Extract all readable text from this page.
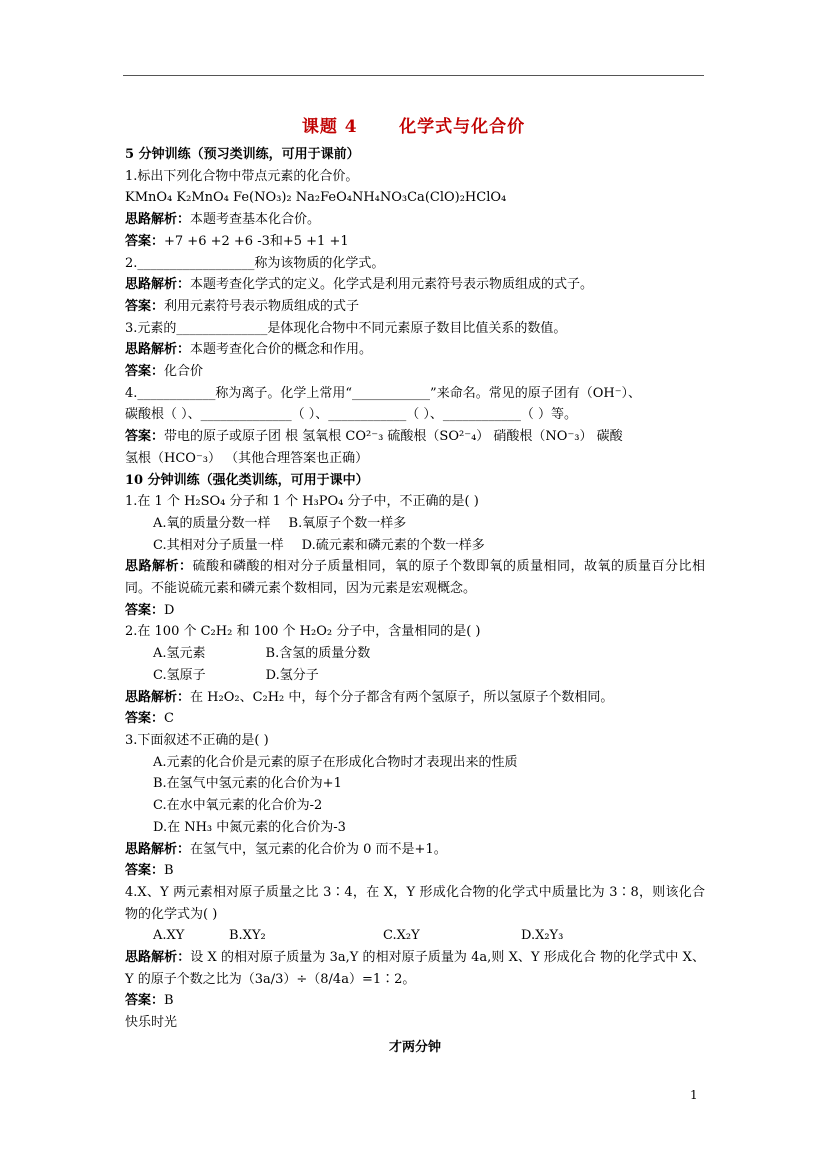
课题 4      化学式与化合价
5 分钟训练（预习类训练，可用于课前）
1.标出下列化合物中带点元素的化合价。
KMnO₄ K₂MnO₄ Fe(NO₃)₂ Na₂FeO₄NH₄NO₃Ca(ClO)₂HClO₄
思路解析：本题考查基本化合价。
答案：+7 +6 +2 +6 -3和+5 +1 +1
2.__________________称为该物质的化学式。
思路解析：本题考查化学式的定义。化学式是利用元素符号表示物质组成的式子。
答案：利用元素符号表示物质组成的式子
3.元素的______________是体现化合物中不同元素原子数目比值关系的数值。
思路解析：本题考查化合价的概念和作用。
答案：化合价
4.____________称为离子。化学上常用“____________”来命名。常见的原子团有（OH⁻）、
碳酸根（ ）、______________（ ）、____________（ ）、____________（ ）等。
答案：带电的原子或原子团 根 氢氧根 CO²⁻₃ 硫酸根（SO²⁻₄） 硝酸根（NO⁻₃） 碳酸
氢根（HCO⁻₃） （其他合理答案也正确）
10 分钟训练（强化类训练，可用于课中）
1.在 1 个 H₂SO₄ 分子和 1 个 H₃PO₄ 分子中，不正确的是( )
A.氧的质量分数一样 B.氧原子个数一样多
C.其相对分子质量一样 D.硫元素和磷元素的个数一样多
思路解析：硫酸和磷酸的相对分子质量相同，氧的原子个数即氧的质量相同，故氧的质量百分比相同。不能说硫元素和磷元素个数相同，因为元素是宏观概念。
答案：D
2.在 100 个 C₂H₂ 和 100 个 H₂O₂ 分子中，含量相同的是( )
A.氢元素	B.含氢的质量分数
C.氢原子	D.氢分子
思路解析：在 H₂O₂、C₂H₂ 中，每个分子都含有两个氢原子，所以氢原子个数相同。
答案：C
3.下面叙述不正确的是( )
A.元素的化合价是元素的原子在形成化合物时才表现出来的性质
B.在氢气中氢元素的化合价为+1
C.在水中氧元素的化合价为-2
D.在 NH₃ 中氮元素的化合价为-3
思路解析：在氢气中，氢元素的化合价为 0 而不是+1。
答案：B
4.X、Y 两元素相对原子质量之比 3∶4，在 X，Y 形成化合物的化学式中质量比为 3∶8，则该化合物的化学式为( )
A.XY	B.XY₂	C.X₂Y	D.X₂Y₃
思路解析：设 X 的相对原子质量为 3a,Y 的相对原子质量为 4a,则 X、Y 形成化合 物的化学式中 X、Y 的原子个数之比为（3a/3）÷（8/4a）=1∶2。
答案：B
快乐时光
才两分钟
1
